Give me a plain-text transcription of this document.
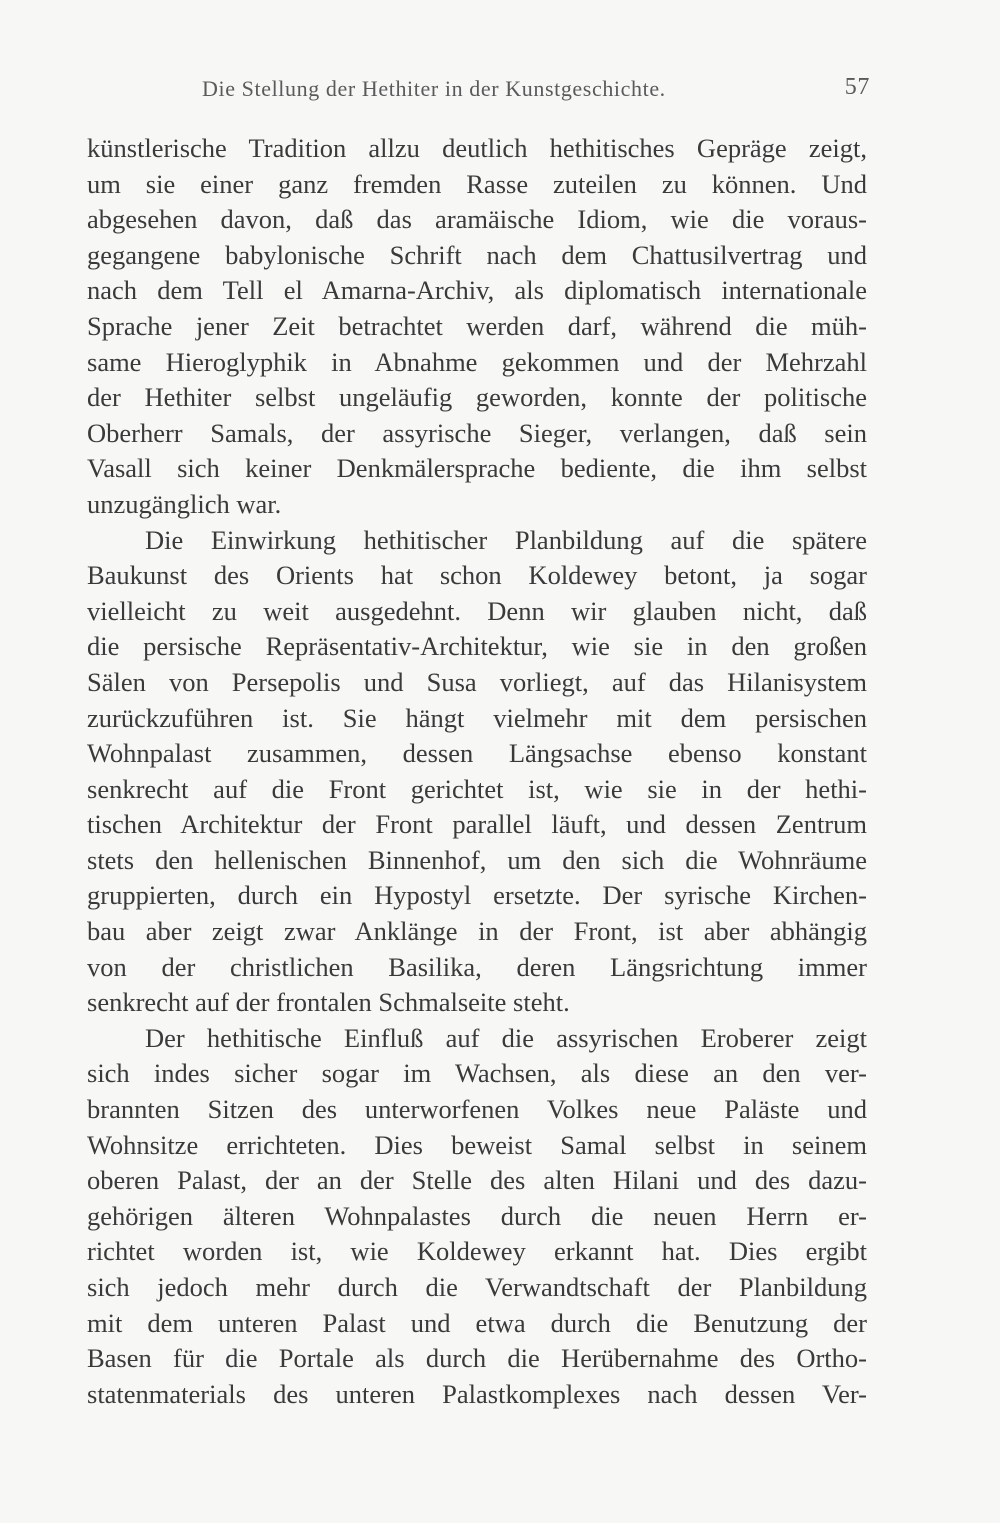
Die Stellung der Hethiter in der Kunstgeschichte.	57
künstlerische Tradition allzu deutlich hethitisches Gepräge zeigt,
um sie einer ganz fremden Rasse zuteilen zu können. Und
abgesehen davon, daß das aramäische Idiom, wie die voraus-
gegangene babylonische Schrift nach dem Chattusilvertrag und
nach dem Tell el Amarna-Archiv, als diplomatisch internationale
Sprache jener Zeit betrachtet werden darf, während die müh-
same Hieroglyphik in Abnahme gekommen und der Mehrzahl
der Hethiter selbst ungeläufig geworden, konnte der politische
Oberherr Samals, der assyrische Sieger, verlangen, daß sein
Vasall sich keiner Denkmälersprache bediente, die ihm selbst
unzugänglich war.
Die Einwirkung hethitischer Planbildung auf die spätere
Baukunst des Orients hat schon Koldewey betont, ja sogar
vielleicht zu weit ausgedehnt. Denn wir glauben nicht, daß
die persische Repräsentativ-Architektur, wie sie in den großen
Sälen von Persepolis und Susa vorliegt, auf das Hilanisystem
zurückzuführen ist. Sie hängt vielmehr mit dem persischen
Wohnpalast zusammen, dessen Längsachse ebenso konstant
senkrecht auf die Front gerichtet ist, wie sie in der hethi-
tischen Architektur der Front parallel läuft, und dessen Zentrum
stets den hellenischen Binnenhof, um den sich die Wohnräume
gruppierten, durch ein Hypostyl ersetzte. Der syrische Kirchen-
bau aber zeigt zwar Anklänge in der Front, ist aber abhängig
von der christlichen Basilika, deren Längsrichtung immer
senkrecht auf der frontalen Schmalseite steht.
Der hethitische Einfluß auf die assyrischen Eroberer zeigt
sich indes sicher sogar im Wachsen, als diese an den ver-
brannten Sitzen des unterworfenen Volkes neue Paläste und
Wohnsitze errichteten. Dies beweist Samal selbst in seinem
oberen Palast, der an der Stelle des alten Hilani und des dazu-
gehörigen älteren Wohnpalastes durch die neuen Herrn er-
richtet worden ist, wie Koldewey erkannt hat. Dies ergibt
sich jedoch mehr durch die Verwandtschaft der Planbildung
mit dem unteren Palast und etwa durch die Benutzung der
Basen für die Portale als durch die Herübernahme des Ortho-
statenmaterials des unteren Palastkomplexes nach dessen Ver-
